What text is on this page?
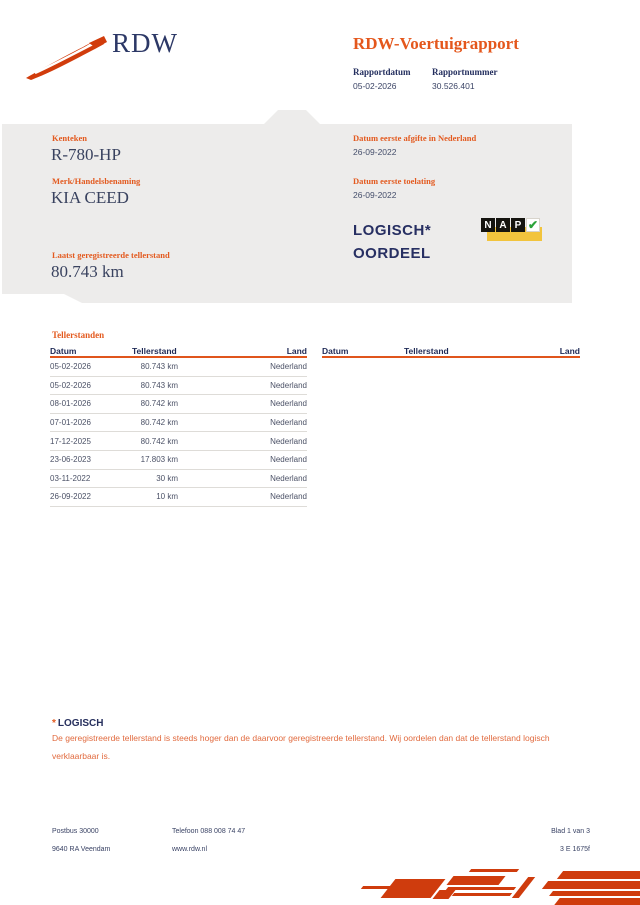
RDW	RDW-Voertuigrapport
Rapportdatum Rapportnummer
05-02-2026	30.526.401
Kenteken
R-780-HP
Merk/Handelsbenaming
KIA CEED
Laatst geregistreerde tellerstand
80.743 km
Datum eerste afgifte in Nederland
26-09-2022
Datum eerste toelating
26-09-2022
LOGISCH*
OORDEEL
N A P ✔
Tellerstanden
Datum	Tellerstand	Land
05-02-2026	80.743 km	Nederland
05-02-2026	80.743 km	Nederland
08-01-2026	80.742 km	Nederland
07-01-2026	80.742 km	Nederland
17-12-2025	80.742 km	Nederland
23-06-2023	17.803 km	Nederland
03-11-2022	30 km	Nederland
26-09-2022	10 km	Nederland
Datum	Tellerstand	Land
* LOGISCH
De geregistreerde tellerstand is steeds hoger dan de daarvoor geregistreerde tellerstand. Wij oordelen dan dat de tellerstand logisch verklaarbaar is.
Postbus 30000
9640 RA Veendam
Telefoon 088 008 74 47
www.rdw.nl
Blad 1 van 3
3 E 1675f
